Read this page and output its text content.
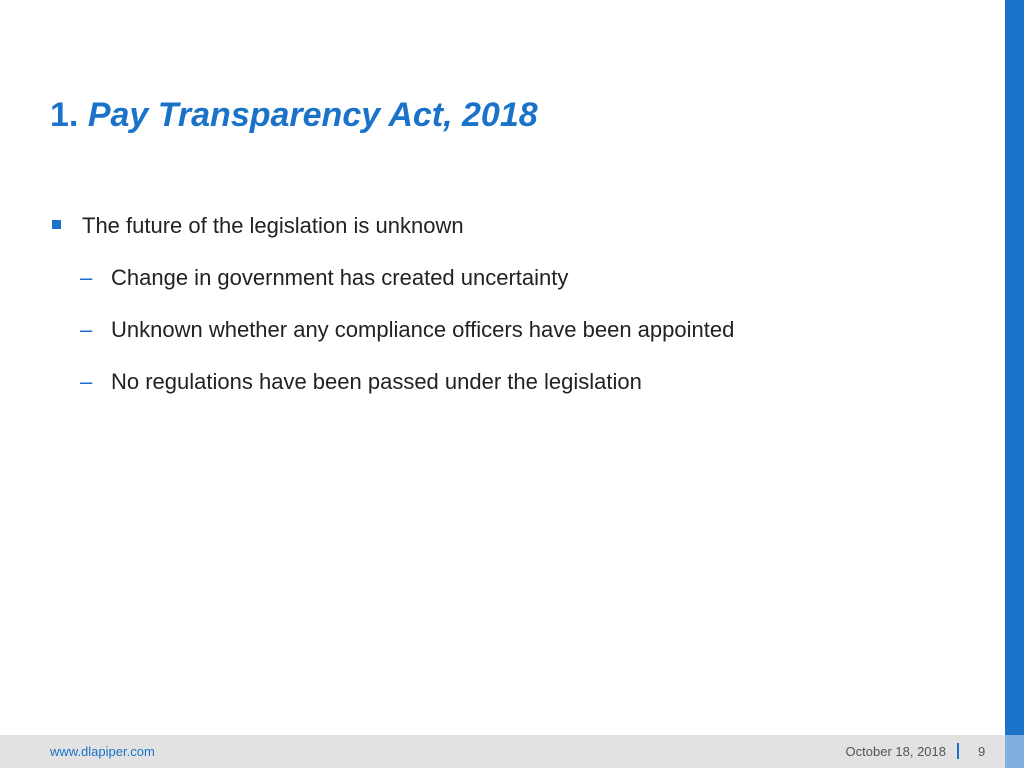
1. Pay Transparency Act, 2018
The future of the legislation is unknown
– Change in government has created uncertainty
– Unknown whether any compliance officers have been appointed
– No regulations have been passed under the legislation
www.dlapiper.com	October 18, 2018 9
